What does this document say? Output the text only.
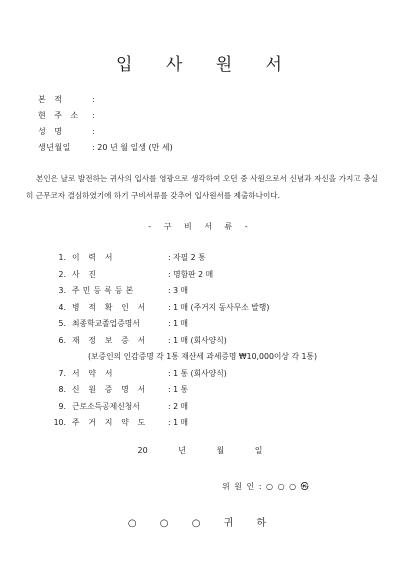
입 사 원 서
본 적	:
현 주 소	:
성 명	:
생년월일	: 20 년 월 일생 (만 세)
본인은 날로 발전하는 귀사의 입사를 영광으로 생각하여 오던 중 사원으로서 신념과 자신을 가지고 충실히 근무코자 결심하였기에 하기 구비서류를 갖추어 입사원서를 제출하나이다.
- 구 비 서 류 -
1. 이 력 서	: 자필 2 통
2. 사 진	: 명함판 2 매
3. 주민등록등본	: 3 매
4. 병 적 확 인 서	: 1 매 (주거지 동사무소 발행)
5. 최종학교졸업증명서	: 1 매
6. 재 정 보 증 서	: 1 매 (회사양식)
(보증인의 인감증명 각 1통 재산세 과세증명 ₩10,000이상 각 1통)
7. 서 약 서	: 1 통 (회사양식)
8. 신 원 증 명 서	: 1 통
9. 근로소득공제신청서	: 2 매
10. 주 거 지 약 도	: 1 매
20 년 월 일
위 원 인 : ○ ○ ○ ㉿
○ ○ ○ 귀 하
